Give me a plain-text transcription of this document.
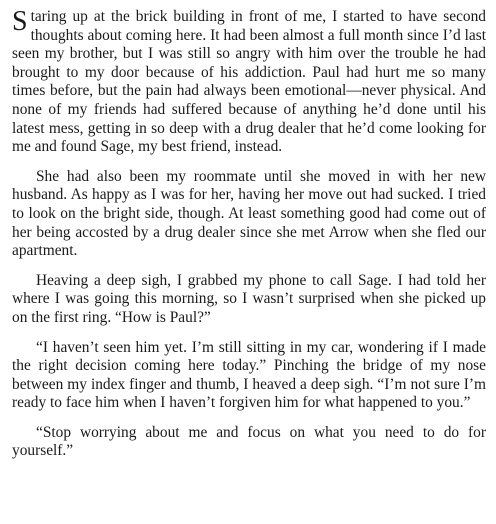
Staring up at the brick building in front of me, I started to have second thoughts about coming here. It had been almost a full month since I’d last seen my brother, but I was still so angry with him over the trouble he had brought to my door because of his addiction. Paul had hurt me so many times before, but the pain had always been emotional—never physical. And none of my friends had suffered because of anything he’d done until his latest mess, getting in so deep with a drug dealer that he’d come looking for me and found Sage, my best friend, instead.

She had also been my roommate until she moved in with her new husband. As happy as I was for her, having her move out had sucked. I tried to look on the bright side, though. At least something good had come out of her being accosted by a drug dealer since she met Arrow when she fled our apartment.

Heaving a deep sigh, I grabbed my phone to call Sage. I had told her where I was going this morning, so I wasn’t surprised when she picked up on the first ring. “How is Paul?”

“I haven’t seen him yet. I’m still sitting in my car, wondering if I made the right decision coming here today.” Pinching the bridge of my nose between my index finger and thumb, I heaved a deep sigh. “I’m not sure I’m ready to face him when I haven’t forgiven him for what happened to you.”

“Stop worrying about me and focus on what you need to do for yourself.”
